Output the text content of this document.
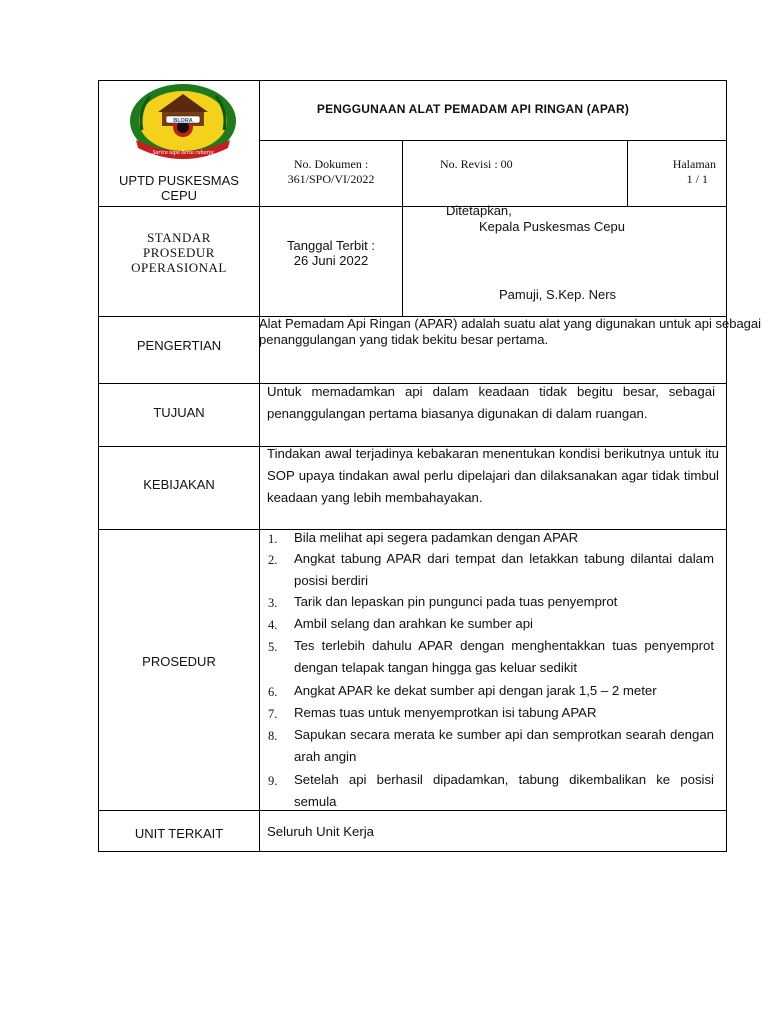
BLORA
Sarira tapa kerta raharja
PENGGUNAAN ALAT PEMADAM API RINGAN (APAR)
UPTD PUSKESMAS
CEPU
No. Dokumen :
361/SPO/VI/2022
No. Revisi : 00	Halaman
1 / 1
STANDAR
PROSEDUR
OPERASIONAL
Tanggal Terbit :
26 Juni 2022
Ditetapkan,
Kepala Puskesmas Cepu
Pamuji, S.Kep. Ners
PENGERTIAN
Alat Pemadam Api Ringan (APAR) adalah suatu alat yang digunakan untuk api sebagai penanggulangan yang tidak bekitu besar pertama.
TUJUAN
Untuk memadamkan api dalam keadaan tidak begitu besar, sebagai penanggulangan pertama biasanya digunakan di dalam ruangan.
KEBIJAKAN
Tindakan awal terjadinya kebakaran menentukan kondisi berikutnya untuk itu SOP upaya tindakan awal perlu dipelajari dan dilaksanakan agar tidak timbul keadaan yang lebih membahayakan.
PROSEDUR
1.	Bila melihat api segera padamkan dengan APAR
2.	Angkat tabung APAR dari tempat dan letakkan tabung dilantai dalam posisi berdiri
3.	Tarik dan lepaskan pin pungunci pada tuas penyemprot
4.	Ambil selang dan arahkan ke sumber api
5.	Tes terlebih dahulu APAR dengan menghentakkan tuas penyemprot dengan telapak tangan hingga gas keluar sedikit
6.	Angkat APAR ke dekat sumber api dengan jarak 1,5 – 2 meter
7.	Remas tuas untuk menyemprotkan isi tabung APAR
8.	Sapukan secara merata ke sumber api dan semprotkan searah dengan arah angin
9.	Setelah api berhasil dipadamkan, tabung dikembalikan ke posisi semula
UNIT TERKAIT	Seluruh Unit Kerja
